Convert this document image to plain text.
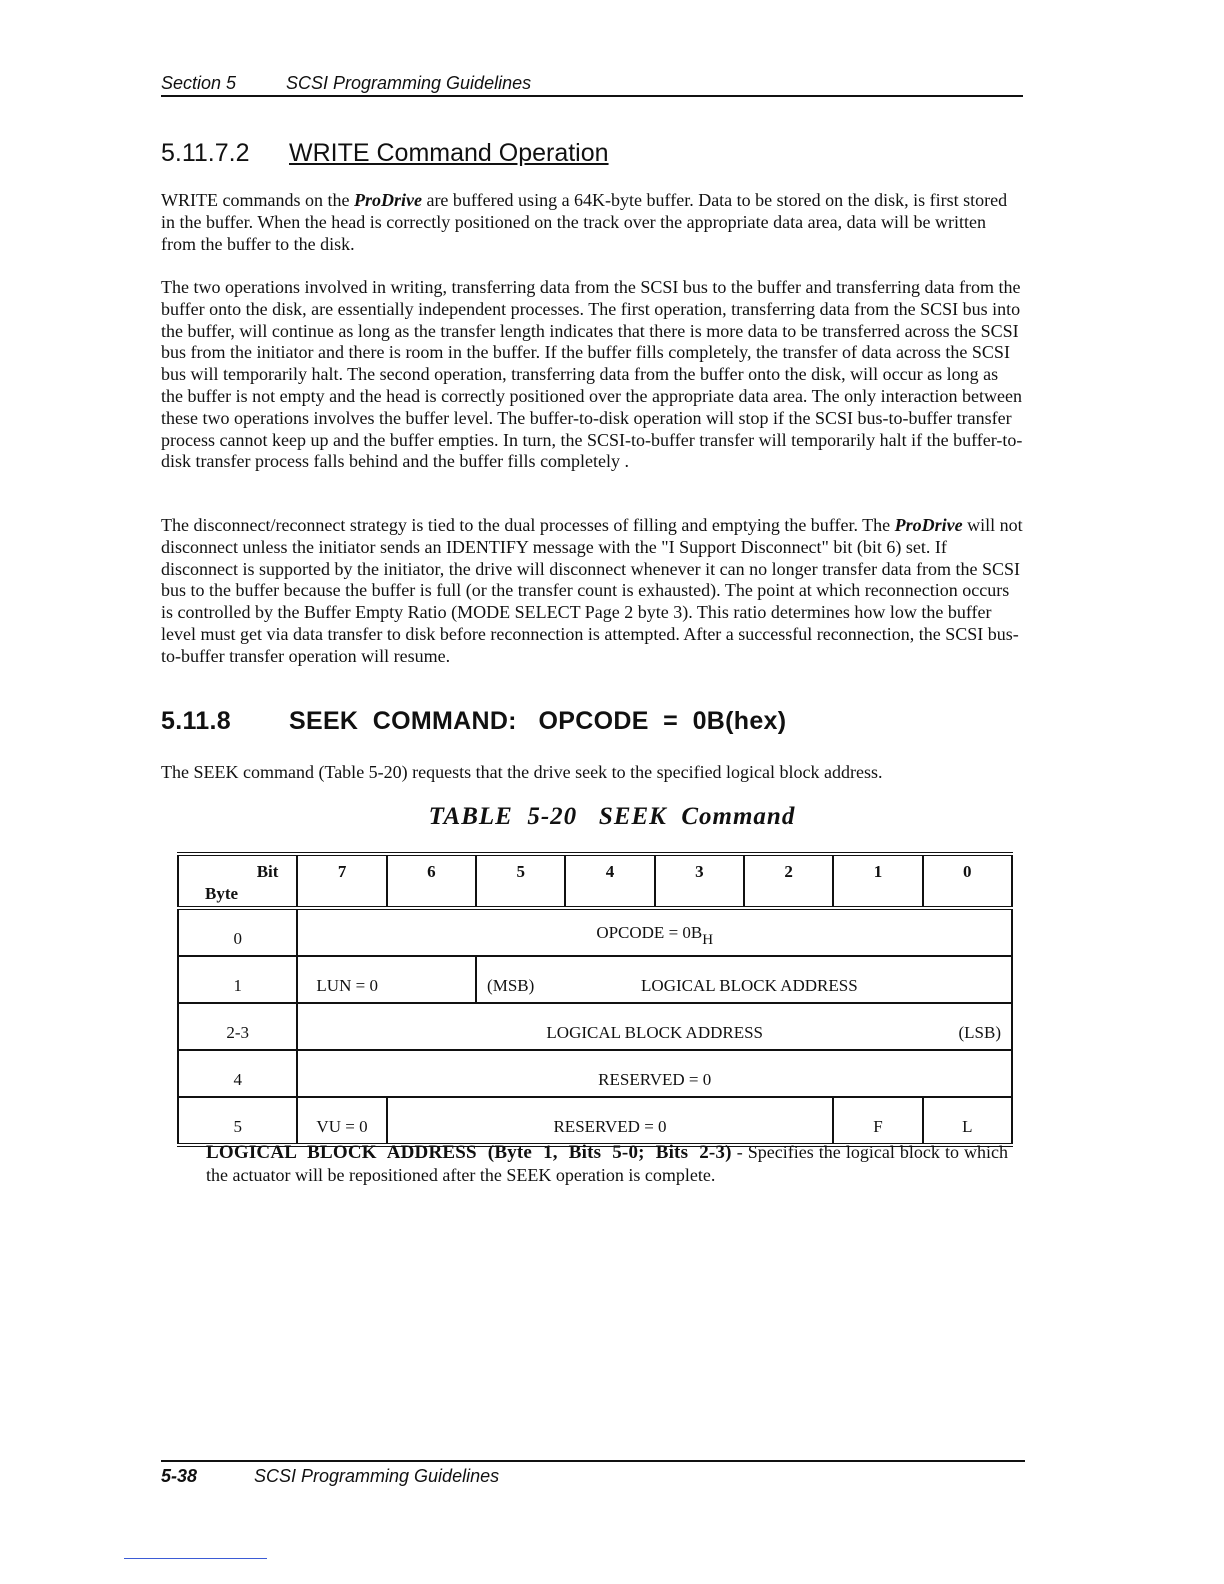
Section 5	SCSI Programming Guidelines
5.11.7.2 WRITE Command Operation

WRITE commands on the ProDrive are buffered using a 64K-byte buffer. Data to be stored on the disk, is first stored in the buffer. When the head is correctly positioned on the track over the appropriate data area, data will be written from the buffer to the disk.

The two operations involved in writing, transferring data from the SCSI bus to the buffer and transferring data from the buffer onto the disk, are essentially independent processes. The first operation, transferring data from the SCSI bus into the buffer, will continue as long as the transfer length indicates that there is more data to be transferred across the SCSI bus from the initiator and there is room in the buffer. If the buffer fills completely, the transfer of data across the SCSI bus will temporarily halt. The second operation, transferring data from the buffer onto the disk, will occur as long as the buffer is not empty and the head is correctly positioned over the appropriate data area. The only interaction between these two operations involves the buffer level. The buffer-to-disk operation will stop if the SCSI bus-to-buffer transfer process cannot keep up and the buffer empties. In turn, the SCSI-to-buffer transfer will temporarily halt if the buffer-to-disk transfer process falls behind and the buffer fills completely .

The disconnect/reconnect strategy is tied to the dual processes of filling and emptying the buffer. The ProDrive will not disconnect unless the initiator sends an IDENTIFY message with the "I Support Disconnect" bit (bit 6) set. If disconnect is supported by the initiator, the drive will disconnect whenever it can no longer transfer data from the SCSI bus to the buffer because the buffer is full (or the transfer count is exhausted). The point at which reconnection occurs is controlled by the Buffer Empty Ratio (MODE SELECT Page 2 byte 3). This ratio determines how low the buffer level must get via data transfer to disk before reconnection is attempted. After a successful reconnection, the SCSI bus-to-buffer transfer operation will resume.

5.11.8 SEEK  COMMAND:   OPCODE  =  0B(hex)

The SEEK command (Table 5-20) requests that the drive seek to the specified logical block address.

TABLE  5-20   SEEK  Command
Bit
Byte	7	6	5	4	3	2	1	0
0	OPCODE = $0B_H$
1	LUN = 0		(MSB) LOGICAL BLOCK ADDRESS					

2-3	LOGICAL BLOCK ADDRESS (LSB)							

4	RESERVED = 0							
5	VU = 0	RESERVED = 0					F	L

LOGICAL  BLOCK  ADDRESS  (Byte  1,  Bits  5-0;  Bits  2-3) - Specifies the logical block to which the actuator will be repositioned after the SEEK operation is complete.

5-38	SCSI Programming Guidelines
